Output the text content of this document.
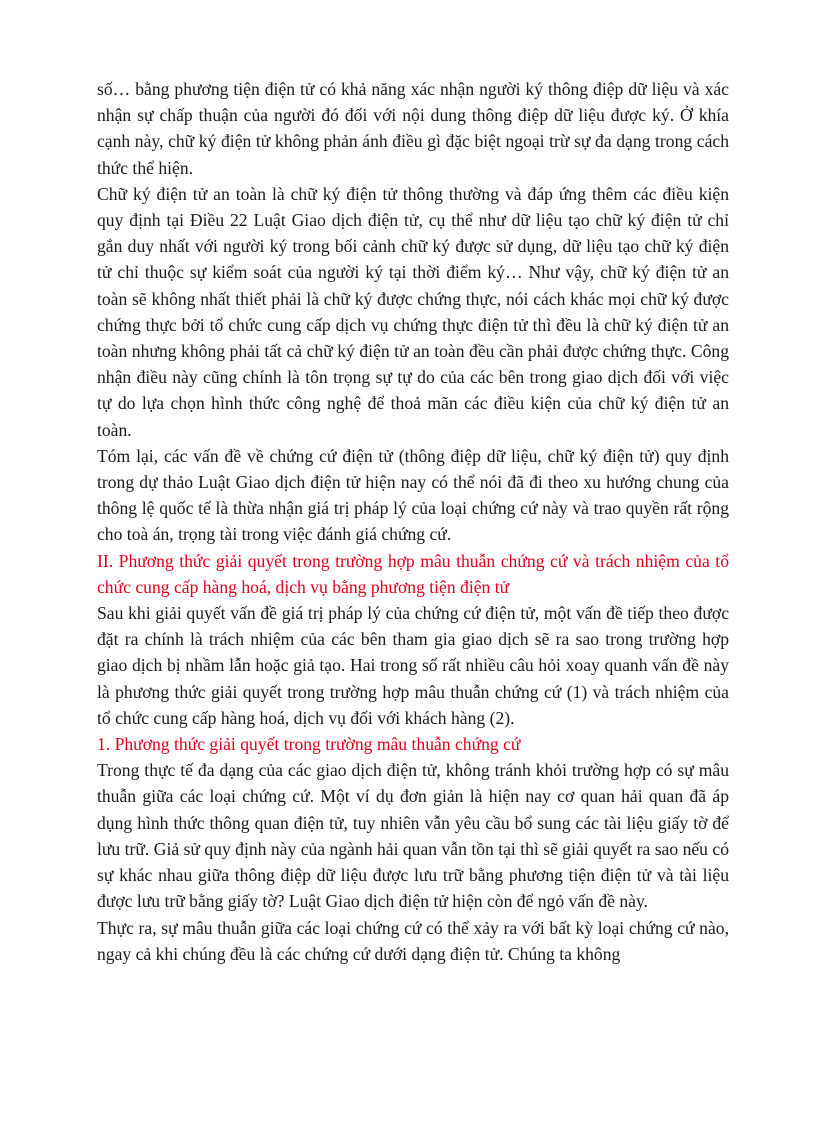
số… bằng phương tiện điện tử có khả năng xác nhận người ký thông điệp dữ liệu và xác nhận sự chấp thuận của người đó đối với nội dung thông điệp dữ liệu được ký. Ở khía cạnh này, chữ ký điện tử không phản ánh điều gì đặc biệt ngoại trừ sự đa dạng trong cách thức thể hiện.

Chữ ký điện tử an toàn là chữ ký điện tử thông thường và đáp ứng thêm các điều kiện quy định tại Điều 22 Luật Giao dịch điện tử, cụ thể như dữ liệu tạo chữ ký điện tử chỉ gắn duy nhất với người ký trong bối cảnh chữ ký được sử dụng, dữ liệu tạo chữ ký điện tử chỉ thuộc sự kiểm soát của người ký tại thời điểm ký… Như vậy, chữ ký điện tử an toàn sẽ không nhất thiết phải là chữ ký được chứng thực, nói cách khác mọi chữ ký được chứng thực bởi tổ chức cung cấp dịch vụ chứng thực điện tử thì đều là chữ ký điện tử an toàn nhưng không phải tất cả chữ ký điện tử an toàn đều cần phải được chứng thực. Công nhận điều này cũng chính là tôn trọng sự tự do của các bên trong giao dịch đối với việc tự do lựa chọn hình thức công nghệ để thoả mãn các điều kiện của chữ ký điện tử an toàn.

Tóm lại, các vấn đề về chứng cứ điện tử (thông điệp dữ liệu, chữ ký điện tử) quy định trong dự thảo Luật Giao dịch điện tử hiện nay có thể nói đã đi theo xu hướng chung của thông lệ quốc tế là thừa nhận giá trị pháp lý của loại chứng cứ này và trao quyền rất rộng cho toà án, trọng tài trong việc đánh giá chứng cứ.

II. Phương thức giải quyết trong trường hợp mâu thuẫn chứng cứ và trách nhiệm của tổ chức cung cấp hàng hoá, dịch vụ bằng phương tiện điện tử

Sau khi giải quyết vấn đề giá trị pháp lý của chứng cứ điện tử, một vấn đề tiếp theo được đặt ra chính là trách nhiệm của các bên tham gia giao dịch sẽ ra sao trong trường hợp giao dịch bị nhầm lẫn hoặc giả tạo. Hai trong số rất nhiều câu hỏi xoay quanh vấn đề này là phương thức giải quyết trong trường hợp mâu thuẫn chứng cứ (1) và trách nhiệm của tổ chức cung cấp hàng hoá, dịch vụ đối với khách hàng (2).

1. Phương thức giải quyết trong trường mâu thuẫn chứng cứ

Trong thực tế đa dạng của các giao dịch điện tử, không tránh khỏi trường hợp có sự mâu thuẫn giữa các loại chứng cứ. Một ví dụ đơn giản là hiện nay cơ quan hải quan đã áp dụng hình thức thông quan điện tử, tuy nhiên vẫn yêu cầu bổ sung các tài liệu giấy tờ để lưu trữ. Giả sử quy định này của ngành hải quan vẫn tồn tại thì sẽ giải quyết ra sao nếu có sự khác nhau giữa thông điệp dữ liệu được lưu trữ bằng phương tiện điện tử và tài liệu được lưu trữ bằng giấy tờ? Luật Giao dịch điện tử hiện còn để ngỏ vấn đề này.

Thực ra, sự mâu thuẫn giữa các loại chứng cứ có thể xảy ra với bất kỳ loại chứng cứ nào, ngay cả khi chúng đều là các chứng cứ dưới dạng điện tử. Chúng ta không
